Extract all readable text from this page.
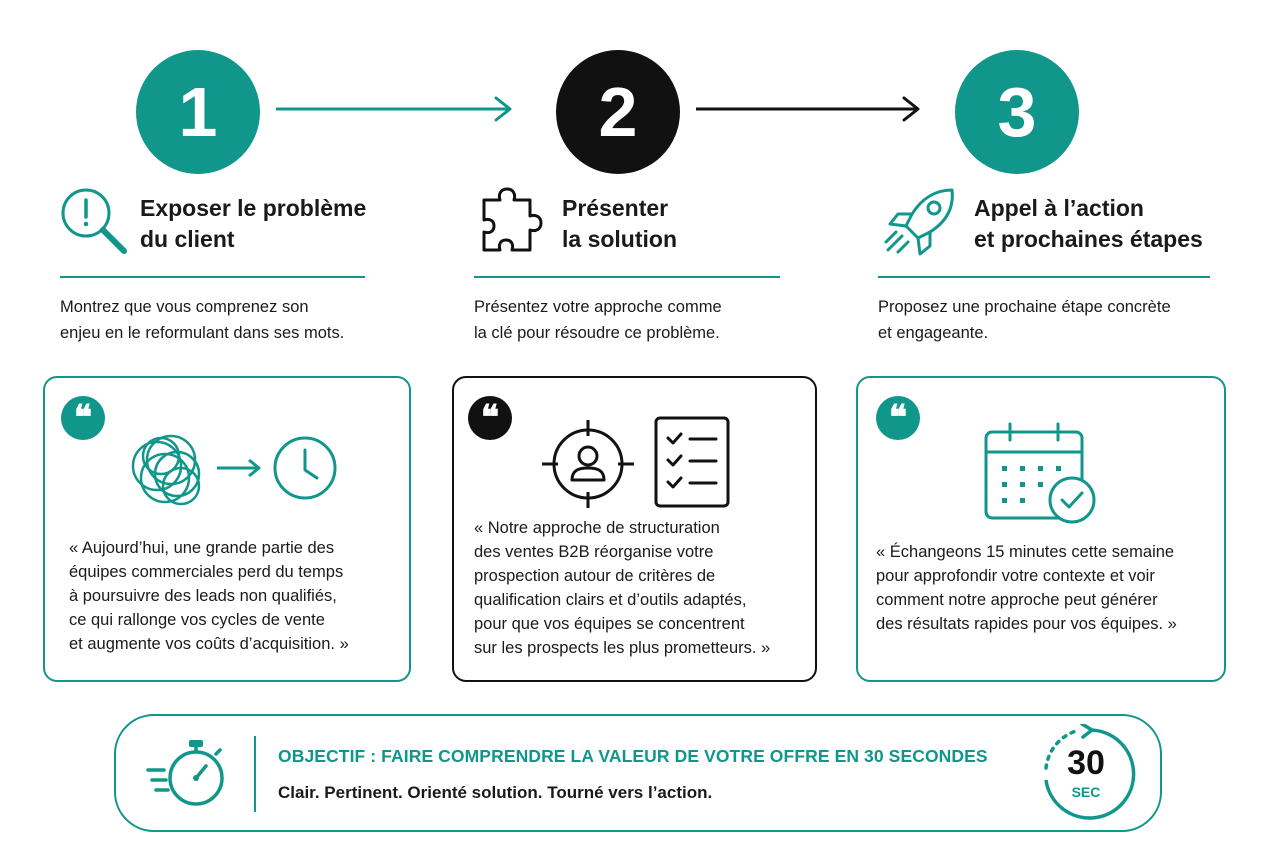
1	2	3
Exposer le problème
du client
Montrez que vous comprenez son
enjeu en le reformulant dans ses mots.
Présenter
la solution
Présentez votre approche comme
la clé pour résoudre ce problème.
Appel à l’action
et prochaines étapes
Proposez une prochaine étape concrète
et engageante.
❝
« Aujourd’hui, une grande partie des
équipes commerciales perd du temps
à poursuivre des leads non qualifiés,
ce qui rallonge vos cycles de vente
et augmente vos coûts d’acquisition. »
❝
« Notre approche de structuration
des ventes B2B réorganise votre
prospection autour de critères de
qualification clairs et d’outils adaptés,
pour que vos équipes se concentrent
sur les prospects les plus prometteurs. »
❝
« Échangeons 15 minutes cette semaine
pour approfondir votre contexte et voir
comment notre approche peut générer
des résultats rapides pour vos équipes. »
OBJECTIF : FAIRE COMPRENDRE LA VALEUR DE VOTRE OFFRE EN 30 SECONDES
Clair. Pertinent. Orienté solution. Tourné vers l’action.
30
SEC
